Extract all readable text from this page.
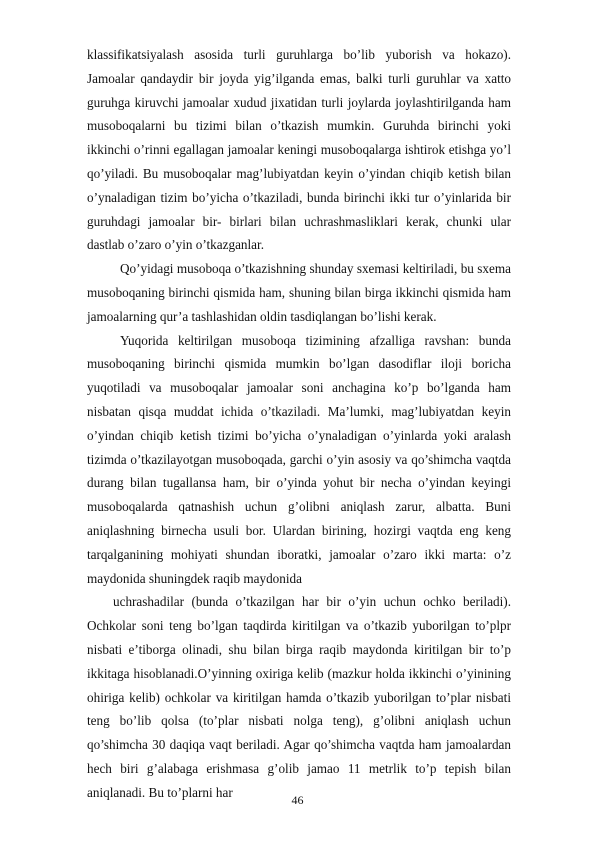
klassifikatsiyalash asosida turli guruhlarga bo’lib yuborish va hokazo). Jamoalar qandaydir bir joyda yig’ilganda emas, balki turli guruhlar va xatto guruhga kiruvchi jamoalar xudud jixatidan turli joylarda joylashtirilganda ham musoboqalarni bu tizimi bilan o’tkazish mumkin. Guruhda birinchi yoki ikkinchi o’rinni egallagan jamoalar keningi musoboqalarga ishtirok etishga yo’l qo’yiladi. Bu musoboqalar mag’lubiyatdan keyin o’yindan chiqib ketish bilan o’ynaladigan tizim bo’yicha o’tkaziladi, bunda birinchi ikki tur o’yinlarida bir guruhdagi jamoalar bir- birlari bilan uchrashmasliklari kerak, chunki ular dastlab o’zaro o’yin o’tkazganlar.

Qo’yidagi musoboqa o’tkazishning shunday sxemasi keltiriladi, bu sxema musoboqaning birinchi qismida ham, shuning bilan birga ikkinchi qismida ham jamoalarning qur’a tashlashidan oldin tasdiqlangan bo’lishi kerak.

Yuqorida keltirilgan musoboqa tizimining afzalliga ravshan: bunda musoboqaning birinchi qismida mumkin bo’lgan dasodiflar iloji boricha yuqotiladi va musoboqalar jamoalar soni anchagina ko’p bo’lganda ham nisbatan qisqa muddat ichida o’tkaziladi. Ma’lumki, mag’lubiyatdan keyin o’yindan chiqib ketish tizimi bo’yicha o’ynaladigan o’yinlarda yoki aralash tizimda o’tkazilayotgan musoboqada, garchi o’yin asosiy va qo’shimcha vaqtda durang bilan tugallansa ham, bir o’yinda yohut bir necha o’yindan keyingi musoboqalarda qatnashish uchun g’olibni aniqlash zarur, albatta. Buni aniqlashning birnecha usuli bor. Ulardan birining, hozirgi vaqtda eng keng tarqalganining mohiyati shundan iboratki, jamoalar o’zaro ikki marta: o’z maydonida shuningdek raqib maydonida

uchrashadilar (bunda o’tkazilgan har bir o’yin uchun ochko beriladi). Ochkolar soni teng bo’lgan taqdirda kiritilgan va o’tkazib yuborilgan to’plpr nisbati e’tiborga olinadi, shu bilan birga raqib maydonda kiritilgan bir to’p ikkitaga hisoblanadi.O’yinning oxiriga kelib (mazkur holda ikkinchi o’yinining ohiriga kelib) ochkolar va kiritilgan hamda o’tkazib yuborilgan to’plar nisbati teng bo’lib qolsa (to’plar nisbati nolga teng), g’olibni aniqlash uchun qo’shimcha 30 daqiqa vaqt beriladi. Agar qo’shimcha vaqtda ham jamoalardan hech biri g’alabaga erishmasa g’olib jamao 11 metrlik to’p tepish bilan aniqlanadi. Bu to’plarni har

46
